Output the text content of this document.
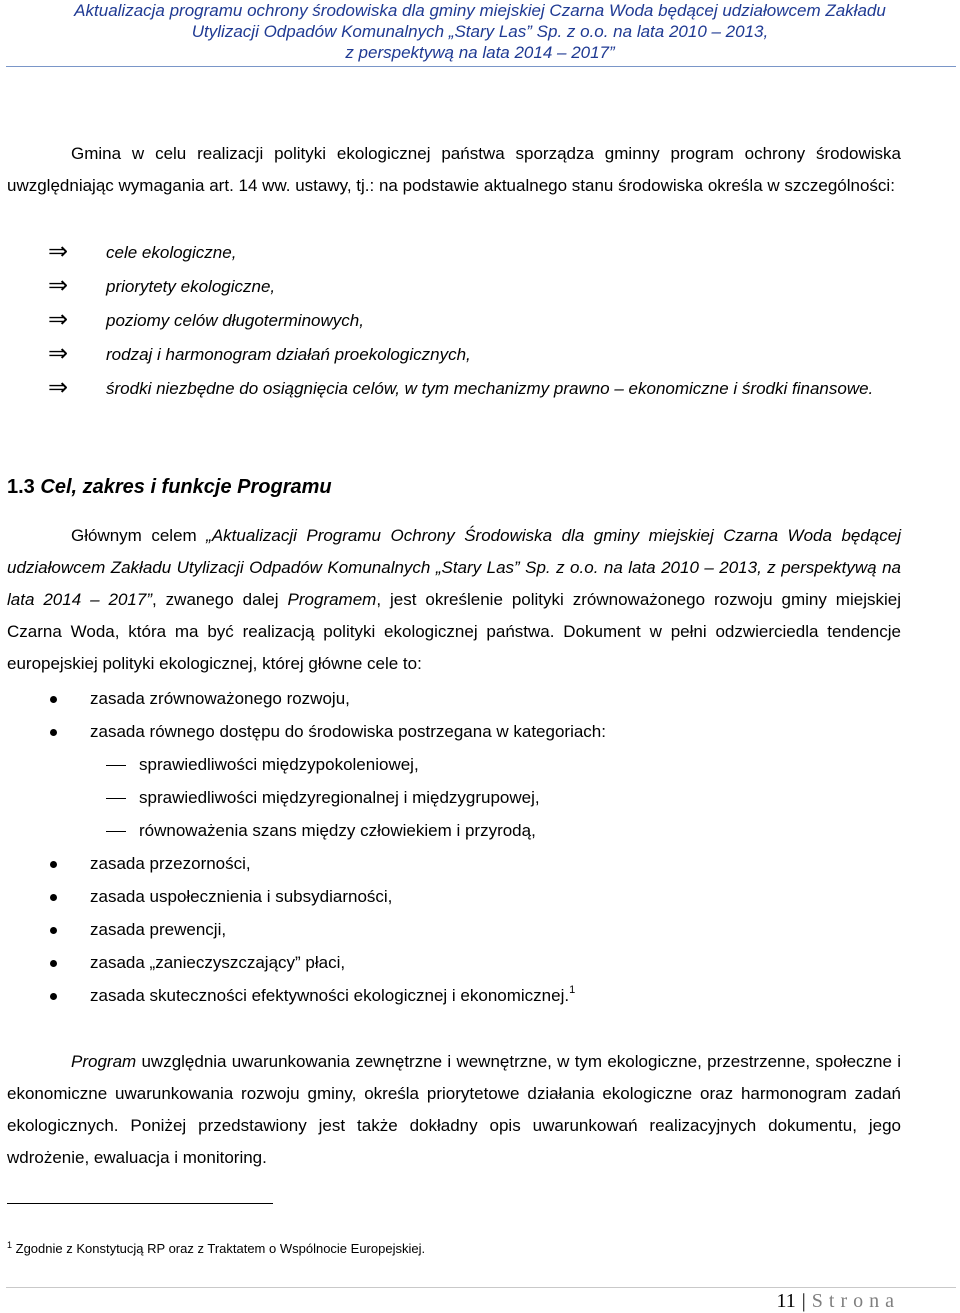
Aktualizacja programu ochrony środowiska dla gminy miejskiej Czarna Woda będącej udziałowcem Zakładu
Utylizacji Odpadów Komunalnych „Stary Las” Sp. z o.o. na lata 2010 – 2013,
z perspektywą na lata 2014 – 2017”
Gmina w celu realizacji polityki ekologicznej państwa sporządza gminny program ochrony środowiska uwzględniając wymagania art. 14 ww. ustawy, tj.: na podstawie aktualnego stanu środowiska określa w szczególności:
⇒	cele ekologiczne,
⇒	priorytety ekologiczne,
⇒	poziomy celów długoterminowych,
⇒	rodzaj i harmonogram działań proekologicznych,
⇒	środki niezbędne do osiągnięcia celów, w tym mechanizmy prawno – ekonomiczne i środki finansowe.
1.3 Cel, zakres i funkcje Programu
Głównym celem „Aktualizacji Programu Ochrony Środowiska dla gminy miejskiej Czarna Woda będącej udziałowcem Zakładu Utylizacji Odpadów Komunalnych „Stary Las” Sp. z o.o. na lata 2010 – 2013, z perspektywą na lata 2014 – 2017”, zwanego dalej Programem, jest określenie polityki zrównoważonego rozwoju gminy miejskiej Czarna Woda, która ma być realizacją polityki ekologicznej państwa. Dokument w pełni odzwierciedla tendencje europejskiej polityki ekologicznej, której główne cele to:
zasada zrównoważonego rozwoju,
zasada równego dostępu do środowiska postrzegana w kategoriach:
sprawiedliwości międzypokoleniowej,
sprawiedliwości międzyregionalnej i międzygrupowej,
równoważenia szans między człowiekiem i przyrodą,
zasada przezorności,
zasada uspołecznienia i subsydiarności,
zasada prewencji,
zasada „zanieczyszczający” płaci,
zasada skuteczności efektywności ekologicznej i ekonomicznej.$^1$
Program uwzględnia uwarunkowania zewnętrzne i wewnętrzne, w tym ekologiczne, przestrzenne, społeczne i ekonomiczne uwarunkowania rozwoju gminy, określa priorytetowe działania ekologiczne oraz harmonogram zadań ekologicznych. Poniżej przedstawiony jest także dokładny opis uwarunkowań realizacyjnych dokumentu, jego wdrożenie, ewaluacja i monitoring.
$^1$ Zgodnie z Konstytucją RP oraz z Traktatem o Wspólnocie Europejskiej.
11 | Strona
